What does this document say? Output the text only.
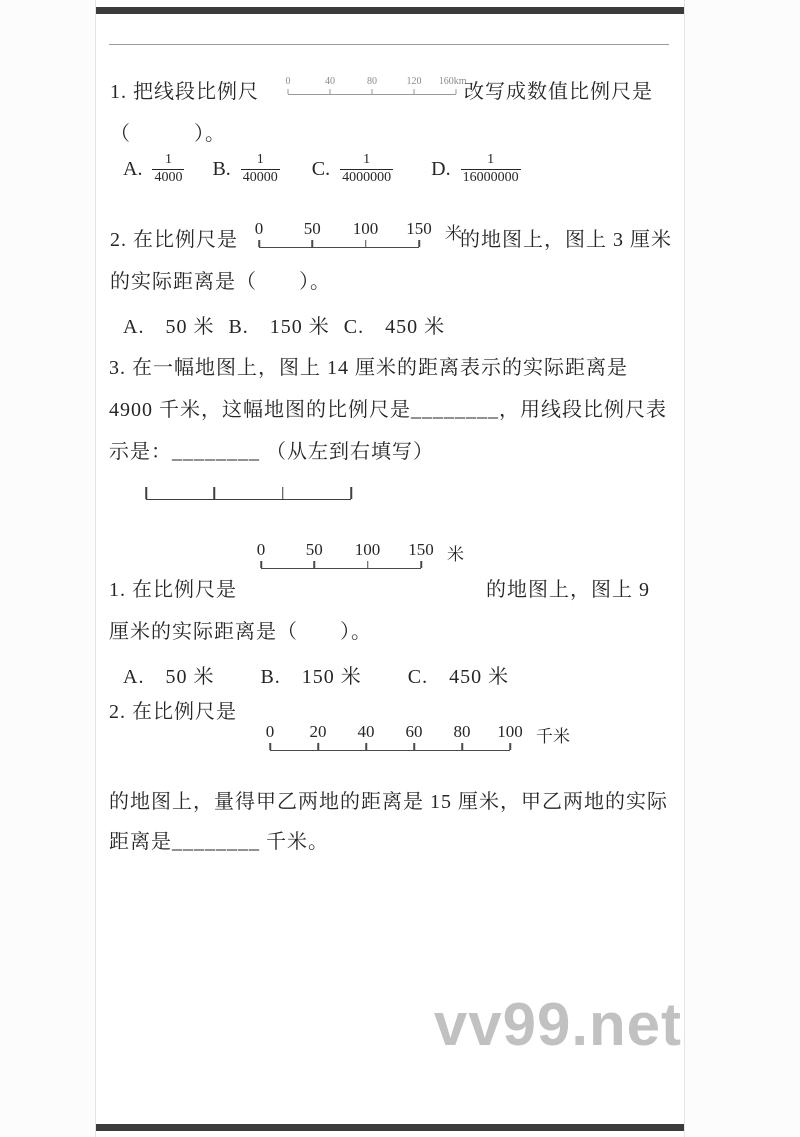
1. 把线段比例尺	0	40	80	120 160km
改写成数值比例尺是
（　　　）。
A. $\frac{1}{4000} B$. $\frac{1}{40000} C$. $\frac{1}{4000000} D$. $\frac{1}{16000000}$
2. 在比例尺是
0 50 100 150 米
的地图上，图上 3 厘米
的实际距离是（　　）。
A.　50 米 B.　150 米 C.　450 米
3. 在一幅地图上，图上 14 厘米的距离表示的实际距离是
4900 千米，这幅地图的比例尺是________，用线段比例尺表
示是：________ （从左到右填写）
0 50 100 150 米
1. 在比例尺是	的地图上，图上 9
厘米的实际距离是（　　）。
A.　50 米 B.　150 米 C.　450 米
2. 在比例尺是
0 20 40 60 80 100 千米
的地图上，量得甲乙两地的距离是 15 厘米，甲乙两地的实际
距离是________ 千米。
vv99.net
